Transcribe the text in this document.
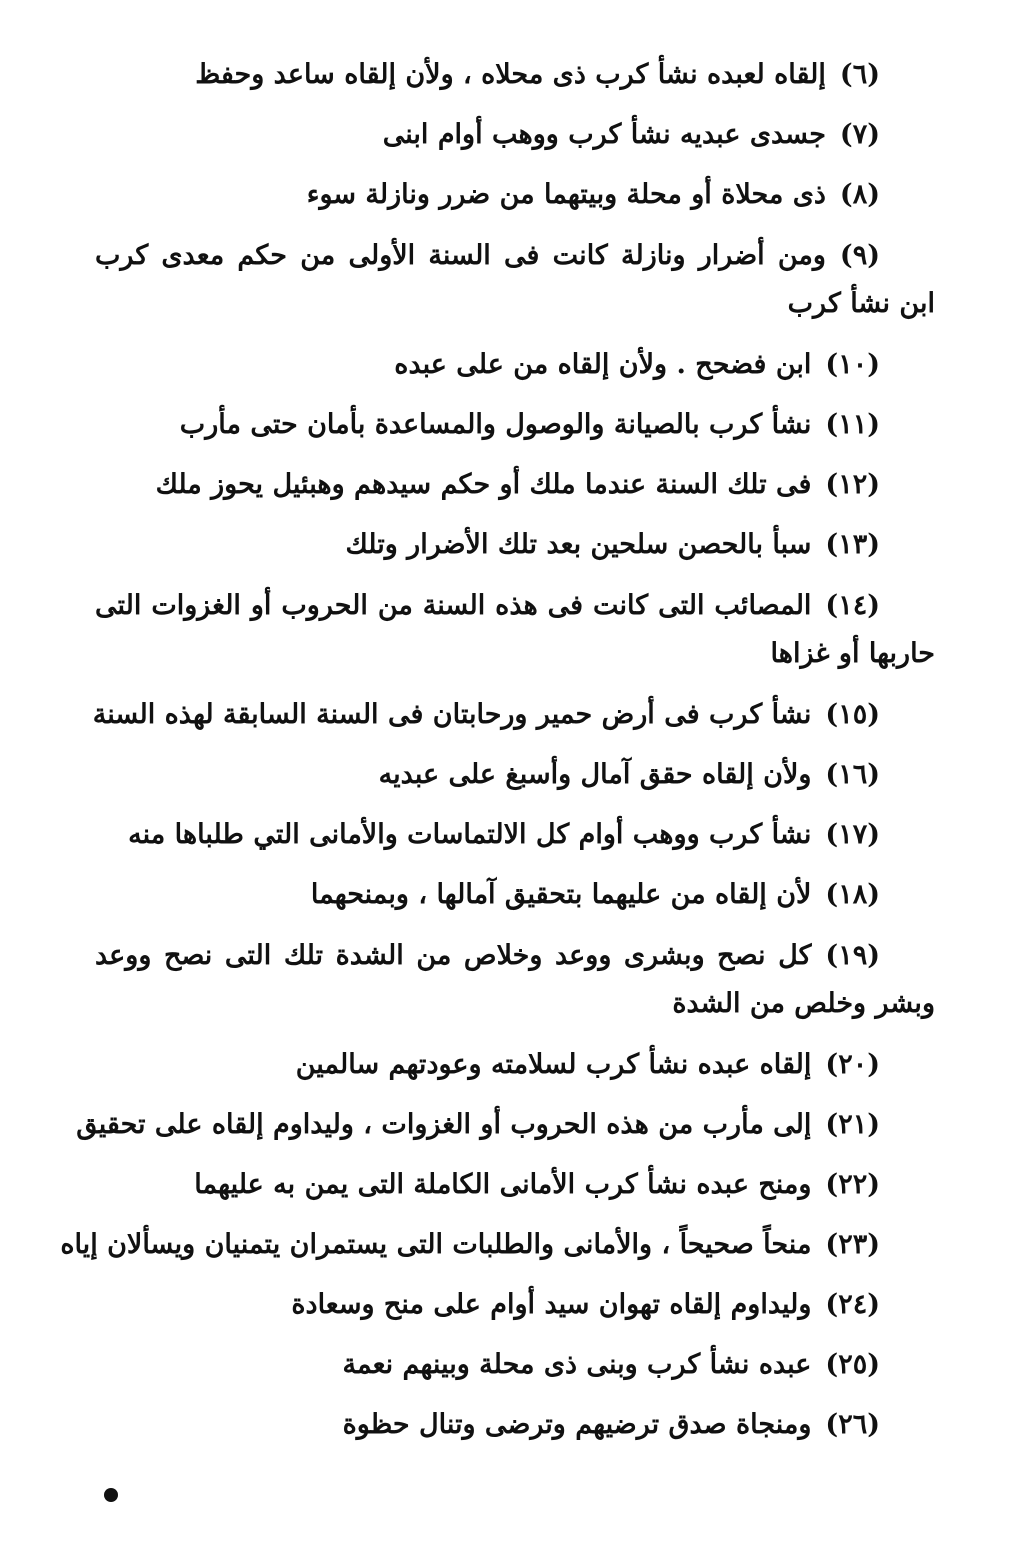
(٦)إلقاه لعبده نشأ كرب ذى محلاه ، ولأن إلقاه ساعد وحفظ
(٧)جسدى عبديه نشأ كرب ووهب أوام ابنى
(٨)ذى محلاة أو محلة وبيتهما من ضرر ونازلة سوء
(٩)ومن أضرار ونازلة كانت فى السنة الأولى من حكم معدى كرب ابن نشأ كرب
(١٠)ابن فضحح . ولأن إلقاه من على عبده
(١١)نشأ كرب بالصيانة والوصول والمساعدة بأمان حتى مأرب
(١٢)فى تلك السنة عندما ملك أو حكم سيدهم وهبئيل يحوز ملك
(١٣)سبأ بالحصن سلحين بعد تلك الأضرار وتلك
(١٤)المصائب التى كانت فى هذه السنة من الحروب أو الغزوات التى حاربها أو غزاها
(١٥)نشأ كرب فى أرض حمير ورحابتان فى السنة السابقة لهذه السنة
(١٦)ولأن إلقاه حقق آمال وأسبغ على عبديه
(١٧)نشأ كرب ووهب أوام كل الالتماسات والأمانى التي طلباها منه
(١٨)لأن إلقاه من عليهما بتحقيق آمالها ، وبمنحهما
(١٩)كل نصح وبشرى ووعد وخلاص من الشدة تلك التى نصح ووعد وبشر وخلص من الشدة
(٢٠)إلقاه عبده نشأ كرب لسلامته وعودتهم سالمين
(٢١)إلى مأرب من هذه الحروب أو الغزوات ، وليداوم إلقاه على تحقيق
(٢٢)ومنح عبده نشأ كرب الأمانى الكاملة التى يمن به عليهما
(٢٣)منحاً صحيحاً ، والأمانى والطلبات التى يستمران يتمنيان ويسألان إياه
(٢٤)وليداوم إلقاه تهوان سيد أوام على منح وسعادة
(٢٥)عبده نشأ كرب وبنى ذى محلة وبينهم نعمة
(٢٦)ومنجاة صدق ترضيهم وترضى وتنال حظوة
